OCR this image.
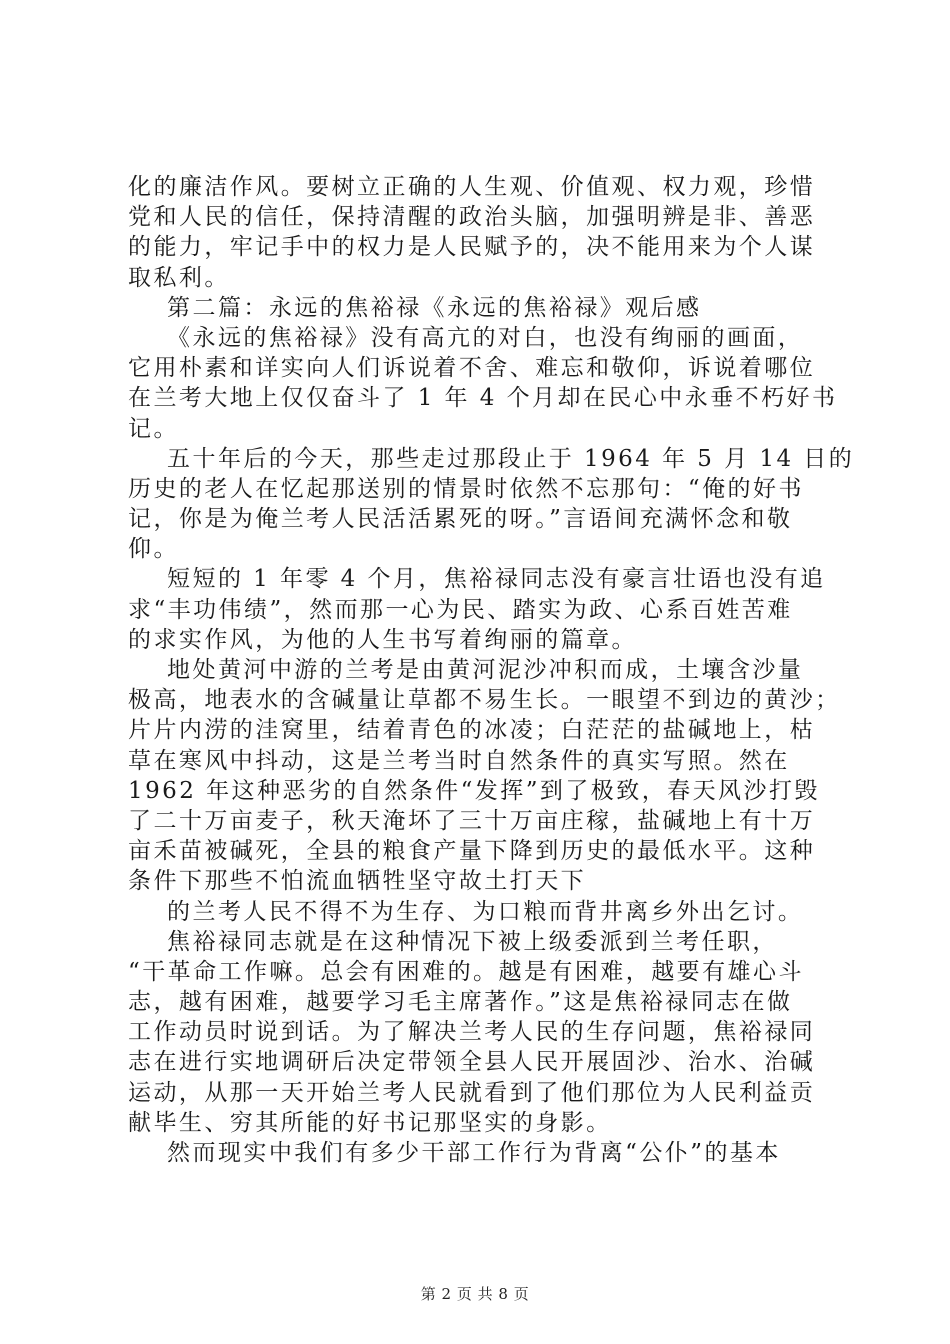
化的廉洁作风。要树立正确的人生观、价值观、权力观，珍惜
党和人民的信任，保持清醒的政治头脑，加强明辨是非、善恶
的能力，牢记手中的权力是人民赋予的，决不能用来为个人谋
取私利。
第二篇：永远的焦裕禄《永远的焦裕禄》观后感
《永远的焦裕禄》没有高亢的对白，也没有绚丽的画面，
它用朴素和详实向人们诉说着不舍、难忘和敬仰，诉说着哪位
在兰考大地上仅仅奋斗了 1 年 4 个月却在民心中永垂不朽好书
记。
五十年后的今天，那些走过那段止于 1964 年 5 月 14 日的
历史的老人在忆起那送别的情景时依然不忘那句：“俺的好书
记，你是为俺兰考人民活活累死的呀。”言语间充满怀念和敬
仰。
短短的 1 年零 4 个月，焦裕禄同志没有豪言壮语也没有追
求“丰功伟绩”，然而那一心为民、踏实为政、心系百姓苦难
的求实作风，为他的人生书写着绚丽的篇章。
地处黄河中游的兰考是由黄河泥沙冲积而成，土壤含沙量
极高，地表水的含碱量让草都不易生长。一眼望不到边的黄沙；
片片内涝的洼窝里，结着青色的冰凌；白茫茫的盐碱地上，枯
草在寒风中抖动，这是兰考当时自然条件的真实写照。然在
1962 年这种恶劣的自然条件“发挥”到了极致，春天风沙打毁
了二十万亩麦子，秋天淹坏了三十万亩庄稼，盐碱地上有十万
亩禾苗被碱死，全县的粮食产量下降到历史的最低水平。这种
条件下那些不怕流血牺牲坚守故土打天下
的兰考人民不得不为生存、为口粮而背井离乡外出乞讨。
焦裕禄同志就是在这种情况下被上级委派到兰考任职，
“干革命工作嘛。总会有困难的。越是有困难，越要有雄心斗
志，越有困难，越要学习毛主席著作。”这是焦裕禄同志在做
工作动员时说到话。为了解决兰考人民的生存问题，焦裕禄同
志在进行实地调研后决定带领全县人民开展固沙、治水、治碱
运动，从那一天开始兰考人民就看到了他们那位为人民利益贡
献毕生、穷其所能的好书记那坚实的身影。
然而现实中我们有多少干部工作行为背离“公仆”的基本
第 2 页 共 8 页
